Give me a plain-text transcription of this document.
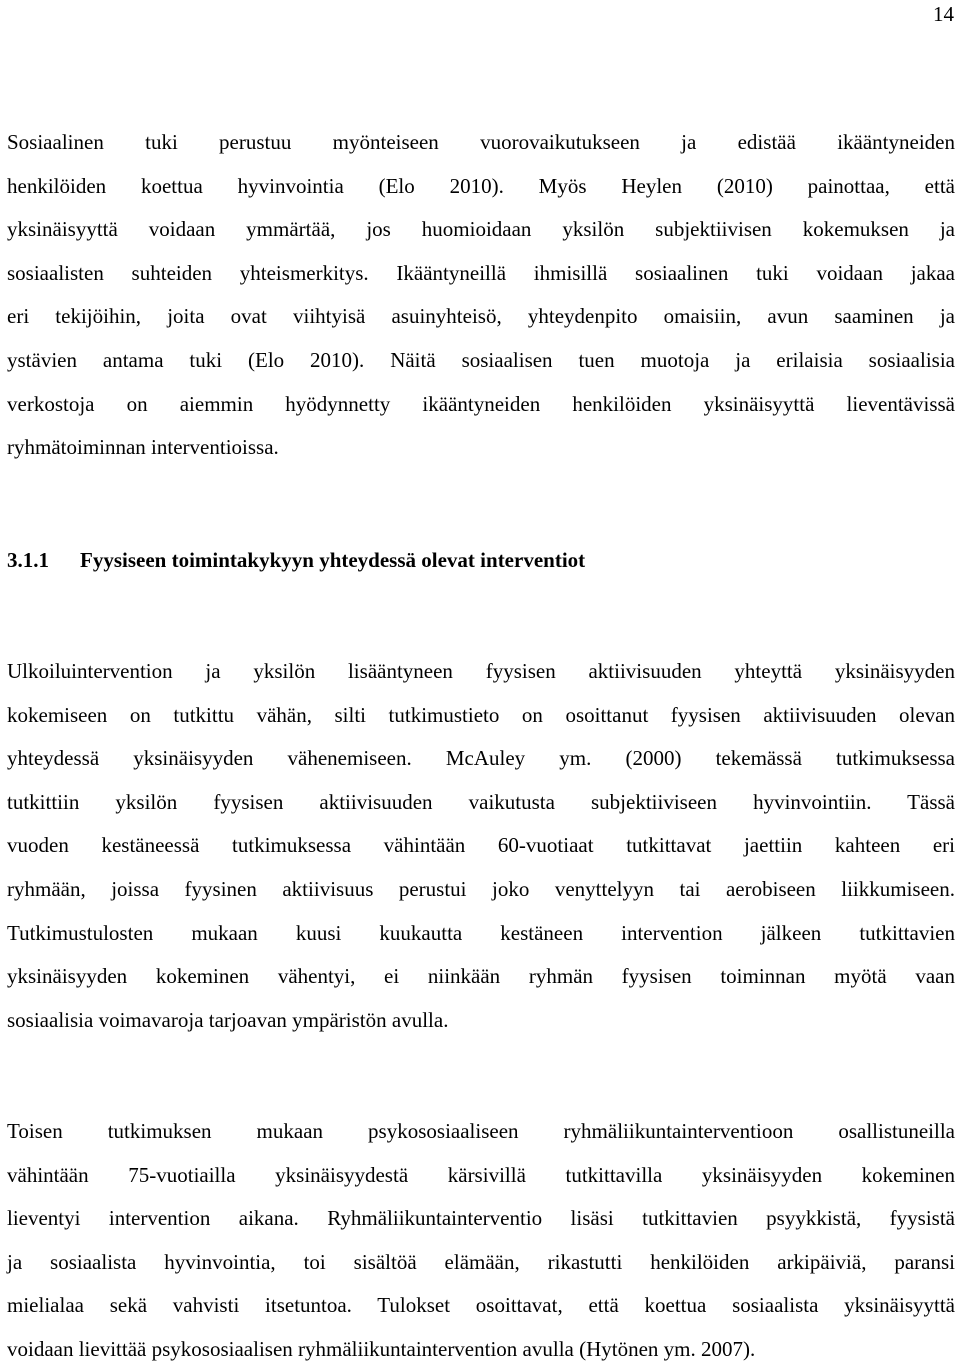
14

Sosiaalinen tuki perustuu myönteiseen vuorovaikutukseen ja edistää ikääntyneiden
henkilöiden koettua hyvinvointia (Elo 2010). Myös Heylen (2010) painottaa, että
yksinäisyyttä voidaan ymmärtää, jos huomioidaan yksilön subjektiivisen kokemuksen ja
sosiaalisten suhteiden yhteismerkitys. Ikääntyneillä ihmisillä sosiaalinen tuki voidaan jakaa
eri tekijöihin, joita ovat viihtyisä asuinyhteisö, yhteydenpito omaisiin, avun saaminen ja
ystävien antama tuki (Elo 2010). Näitä sosiaalisen tuen muotoja ja erilaisia sosiaalisia
verkostoja on aiemmin hyödynnetty ikääntyneiden henkilöiden yksinäisyyttä lieventävissä
ryhmätoiminnan interventioissa.

3.1.1 Fyysiseen toimintakykyyn yhteydessä olevat interventiot

Ulkoiluintervention ja yksilön lisääntyneen fyysisen aktiivisuuden yhteyttä yksinäisyyden
kokemiseen on tutkittu vähän, silti tutkimustieto on osoittanut fyysisen aktiivisuuden olevan
yhteydessä yksinäisyyden vähenemiseen. McAuley ym. (2000) tekemässä tutkimuksessa
tutkittiin yksilön fyysisen aktiivisuuden vaikutusta subjektiiviseen hyvinvointiin. Tässä
vuoden kestäneessä tutkimuksessa vähintään 60-vuotiaat tutkittavat jaettiin kahteen eri
ryhmään, joissa fyysinen aktiivisuus perustui joko venyttelyyn tai aerobiseen liikkumiseen.
Tutkimustulosten mukaan kuusi kuukautta kestäneen intervention jälkeen tutkittavien
yksinäisyyden kokeminen vähentyi, ei niinkään ryhmän fyysisen toiminnan myötä vaan
sosiaalisia voimavaroja tarjoavan ympäristön avulla.

Toisen tutkimuksen mukaan psykososiaaliseen ryhmäliikuntainterventioon osallistuneilla
vähintään 75-vuotiailla yksinäisyydestä kärsivillä tutkittavilla yksinäisyyden kokeminen
lieventyi intervention aikana. Ryhmäliikuntainterventio lisäsi tutkittavien psyykkistä, fyysistä
ja sosiaalista hyvinvointia, toi sisältöä elämään, rikastutti henkilöiden arkipäiviä, paransi
mielialaa sekä vahvisti itsetuntoa. Tulokset osoittavat, että koettua sosiaalista yksinäisyyttä
voidaan lievittää psykososiaalisen ryhmäliikuntaintervention avulla (Hytönen ym. 2007).
